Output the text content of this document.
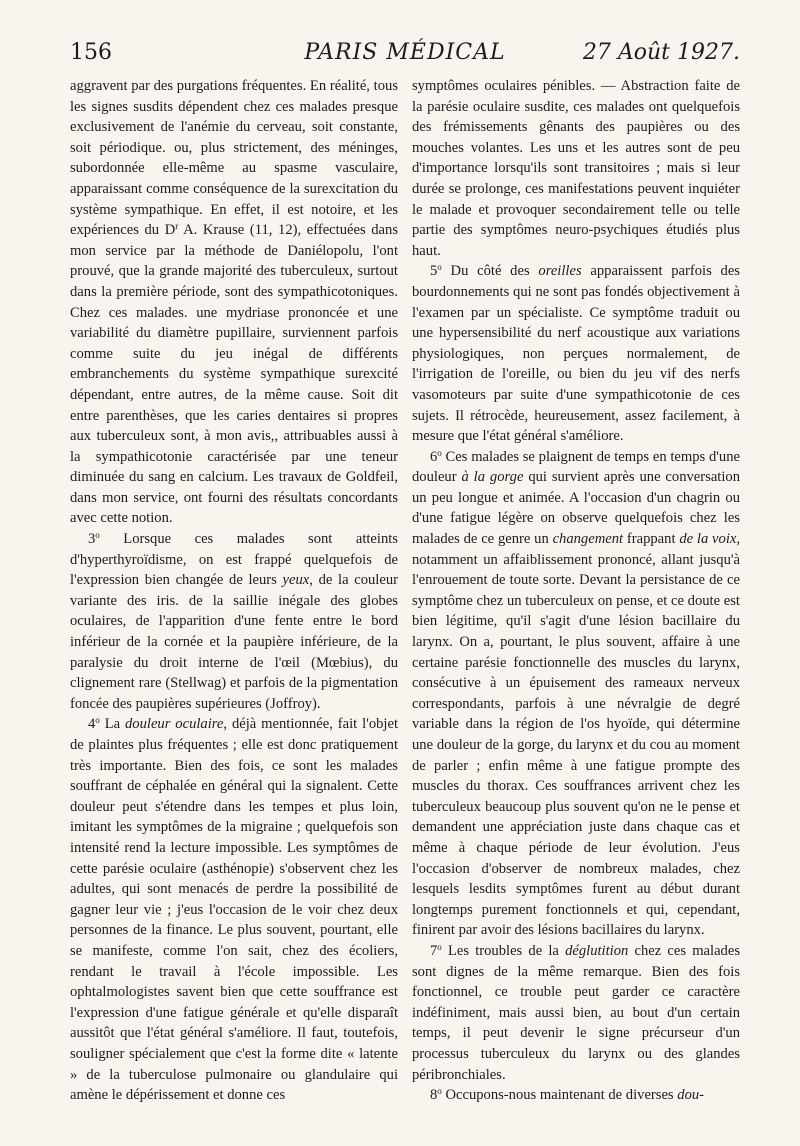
156	PARIS MÉDICAL	27 Août 1927.

aggravent par des purgations fréquentes. En réalité, tous les signes susdits dépendent chez ces malades presque exclusivement de l'anémie du cerveau, soit constante, soit périodique. ou, plus strictement, des méninges, subordonnée elle-même au spasme vasculaire, apparaissant comme conséquence de la surexcitation du système sympathique. En effet, il est notoire, et les expériences du $D^r$ A. Krause (11, 12), effectuées dans mon service par la méthode de Daniélopolu, l'ont prouvé, que la grande majorité des tuberculeux, surtout dans la première période, sont des sympathicotoniques. Chez ces malades. une mydriase prononcée et une variabilité du diamètre pupillaire, surviennent parfois comme suite du jeu inégal de différents embranchements du système sympathique surexcité dépendant, entre autres, de la même cause. Soit dit entre parenthèses, que les caries dentaires si propres aux tuberculeux sont, à mon avis,, attribuables aussi à la sympathicotonie caractérisée par une teneur diminuée du sang en calcium. Les travaux de Goldfeil, dans mon service, ont fourni des résultats concordants avec cette notion.

3$^o$ Lorsque ces malades sont atteints d'hyperthyroïdisme, on est frappé quelquefois de l'expression bien changée de leurs yeux, de la couleur variante des iris. de la saillie inégale des globes oculaires, de l'apparition d'une fente entre le bord inférieur de la cornée et la paupière inférieure, de la paralysie du droit interne de l'œil (Mœbius), du clignement rare (Stellwag) et parfois de la pigmentation foncée des paupières supérieures (Joffroy).

4$^o$ La douleur oculaire, déjà mentionnée, fait l'objet de plaintes plus fréquentes ; elle est donc pratiquement très importante. Bien des fois, ce sont les malades souffrant de céphalée en général qui la signalent. Cette douleur peut s'étendre dans les tempes et plus loin, imitant les symptômes de la migraine ; quelquefois son intensité rend la lecture impossible. Les symptômes de cette parésie oculaire (asthénopie) s'observent chez les adultes, qui sont menacés de perdre la possibilité de gagner leur vie ; j'eus l'occasion de le voir chez deux personnes de la finance. Le plus souvent, pourtant, elle se manifeste, comme l'on sait, chez des écoliers, rendant le travail à l'école impossible. Les ophtalmologistes savent bien que cette souffrance est l'expression d'une fatigue générale et qu'elle disparaît aussitôt que l'état général s'améliore. Il faut, toutefois, souligner spécialement que c'est la forme dite « latente » de la tuberculose pulmonaire ou glandulaire qui amène le dépérissement et donne ces

symptômes oculaires pénibles. — Abstraction faite de la parésie oculaire susdite, ces malades ont quelquefois des frémissements gênants des paupières ou des mouches volantes. Les uns et les autres sont de peu d'importance lorsqu'ils sont transitoires ; mais si leur durée se prolonge, ces manifestations peuvent inquiéter le malade et provoquer secondairement telle ou telle partie des symptômes neuro-psychiques étudiés plus haut.

5$^o$ Du côté des oreilles apparaissent parfois des bourdonnements qui ne sont pas fondés objectivement à l'examen par un spécialiste. Ce symptôme traduit ou une hypersensibilité du nerf acoustique aux variations physiologiques, non perçues normalement, de l'irrigation de l'oreille, ou bien du jeu vif des nerfs vasomoteurs par suite d'une sympathicotonie de ces sujets. Il rétrocède, heureusement, assez facilement, à mesure que l'état général s'améliore.

6$^o$ Ces malades se plaignent de temps en temps d'une douleur à la gorge qui survient après une conversation un peu longue et animée. A l'occasion d'un chagrin ou d'une fatigue légère on observe quelquefois chez les malades de ce genre un changement frappant de la voix, notamment un affaiblissement prononcé, allant jusqu'à l'enrouement de toute sorte. Devant la persistance de ce symptôme chez un tuberculeux on pense, et ce doute est bien légitime, qu'il s'agit d'une lésion bacillaire du larynx. On a, pourtant, le plus souvent, affaire à une certaine parésie fonctionnelle des muscles du larynx, consécutive à un épuisement des rameaux nerveux correspondants, parfois à une névralgie de degré variable dans la région de l'os hyoïde, qui détermine une douleur de la gorge, du larynx et du cou au moment de parler ; enfin même à une fatigue prompte des muscles du thorax. Ces souffrances arrivent chez les tuberculeux beaucoup plus souvent qu'on ne le pense et demandent une appréciation juste dans chaque cas et même à chaque période de leur évolution. J'eus l'occasion d'observer de nombreux malades, chez lesquels lesdits symptômes furent au début durant longtemps purement fonctionnels et qui, cependant, finirent par avoir des lésions bacillaires du larynx.

7$^o$ Les troubles de la déglutition chez ces malades sont dignes de la même remarque. Bien des fois fonctionnel, ce trouble peut garder ce caractère indéfiniment, mais aussi bien, au bout d'un certain temps, il peut devenir le signe précurseur d'un processus tuberculeux du larynx ou des glandes péribronchiales.

8$^o$ Occupons-nous maintenant de diverses dou-
